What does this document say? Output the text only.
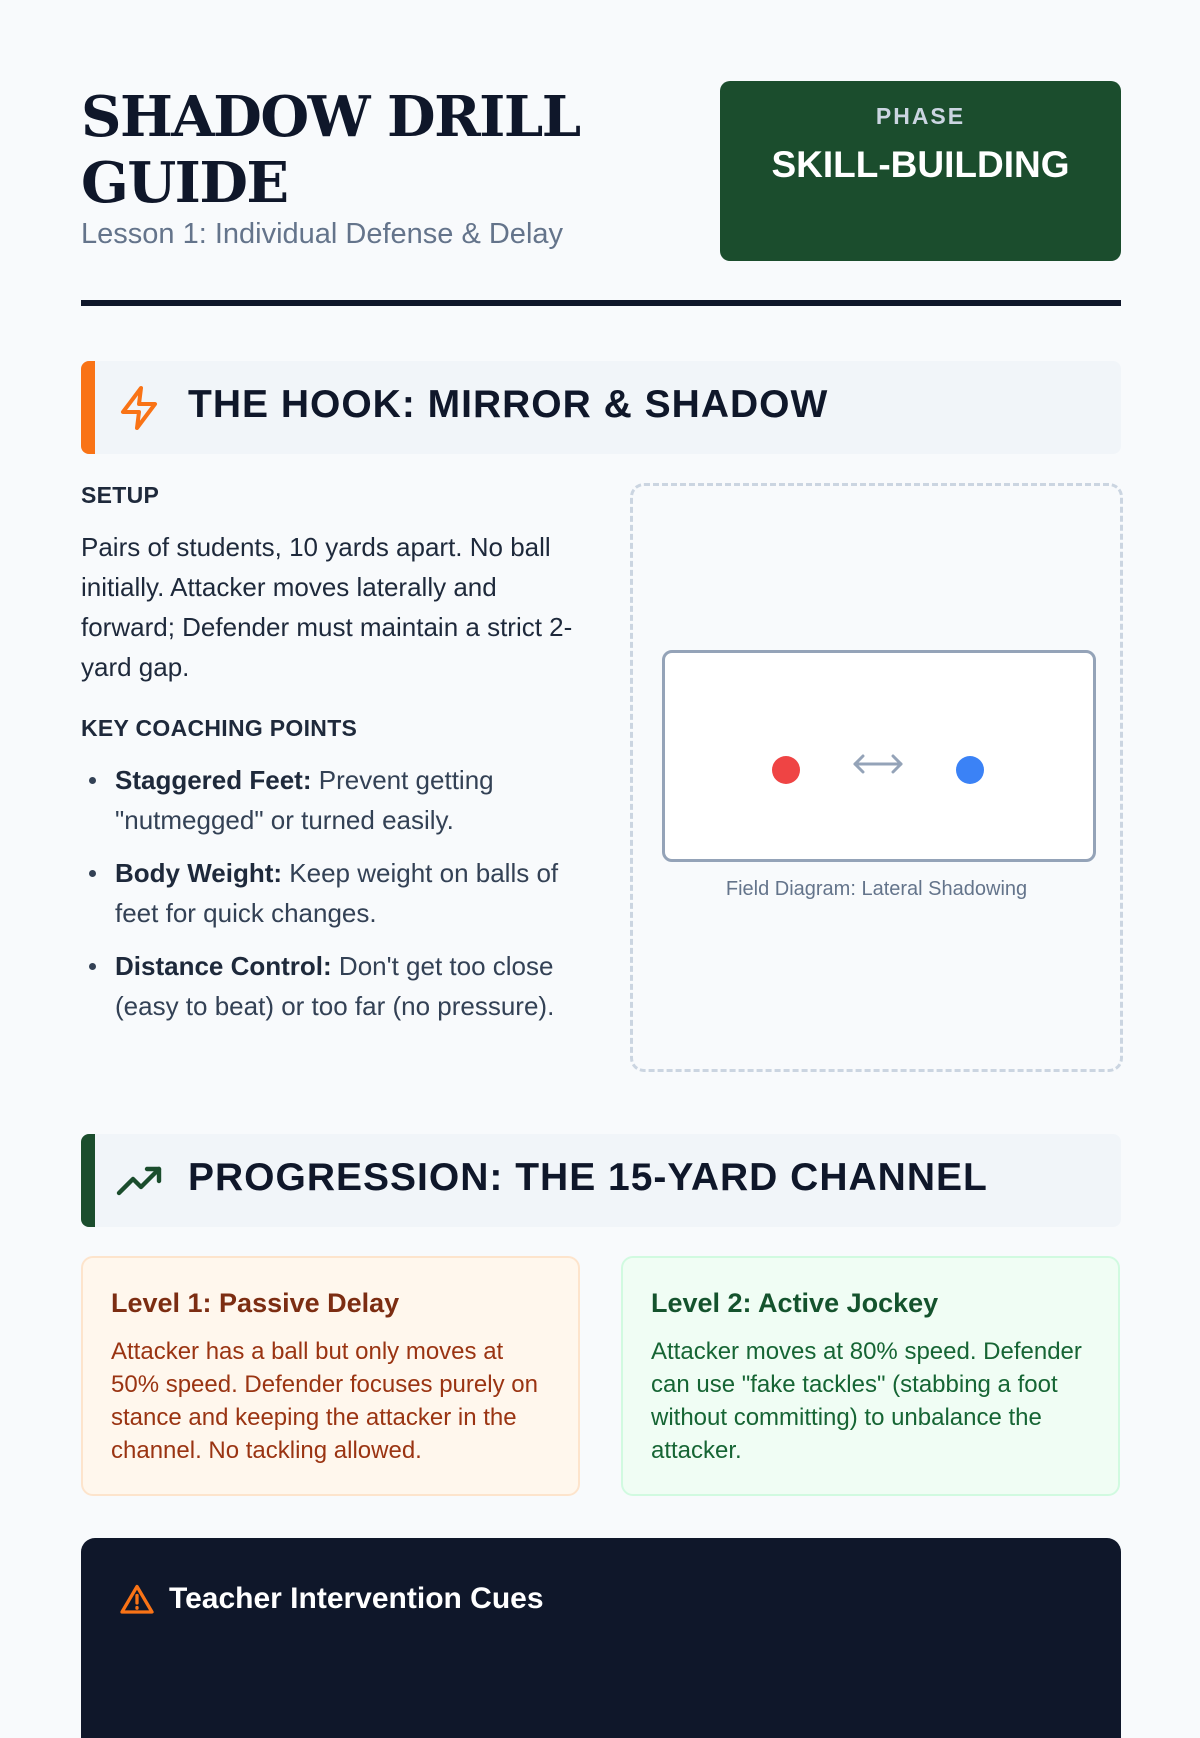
SHADOW DRILL GUIDE

Lesson 1: Individual Defense & Delay

PHASE
SKILL-BUILDING
THE HOOK: MIRROR & SHADOW

SETUP

Pairs of students, 10 yards apart. No ball initially. Attacker moves laterally and forward; Defender must maintain a strict 2-yard gap.

KEY COACHING POINTS

Staggered Feet: Prevent getting "nutmegged" or turned easily.
Body Weight: Keep weight on balls of feet for quick changes.
Distance Control: Don't get too close (easy to beat) or too far (no pressure).
Field Diagram: Lateral Shadowing
PROGRESSION: THE 15-YARD CHANNEL
Level 1: Passive Delay

Attacker has a ball but only moves at 50% speed. Defender focuses purely on stance and keeping the attacker in the channel. No tackling allowed.

Level 2: Active Jockey

Attacker moves at 80% speed. Defender can use "fake tackles" (stabbing a foot without committing) to unbalance the attacker.

Teacher Intervention Cues
